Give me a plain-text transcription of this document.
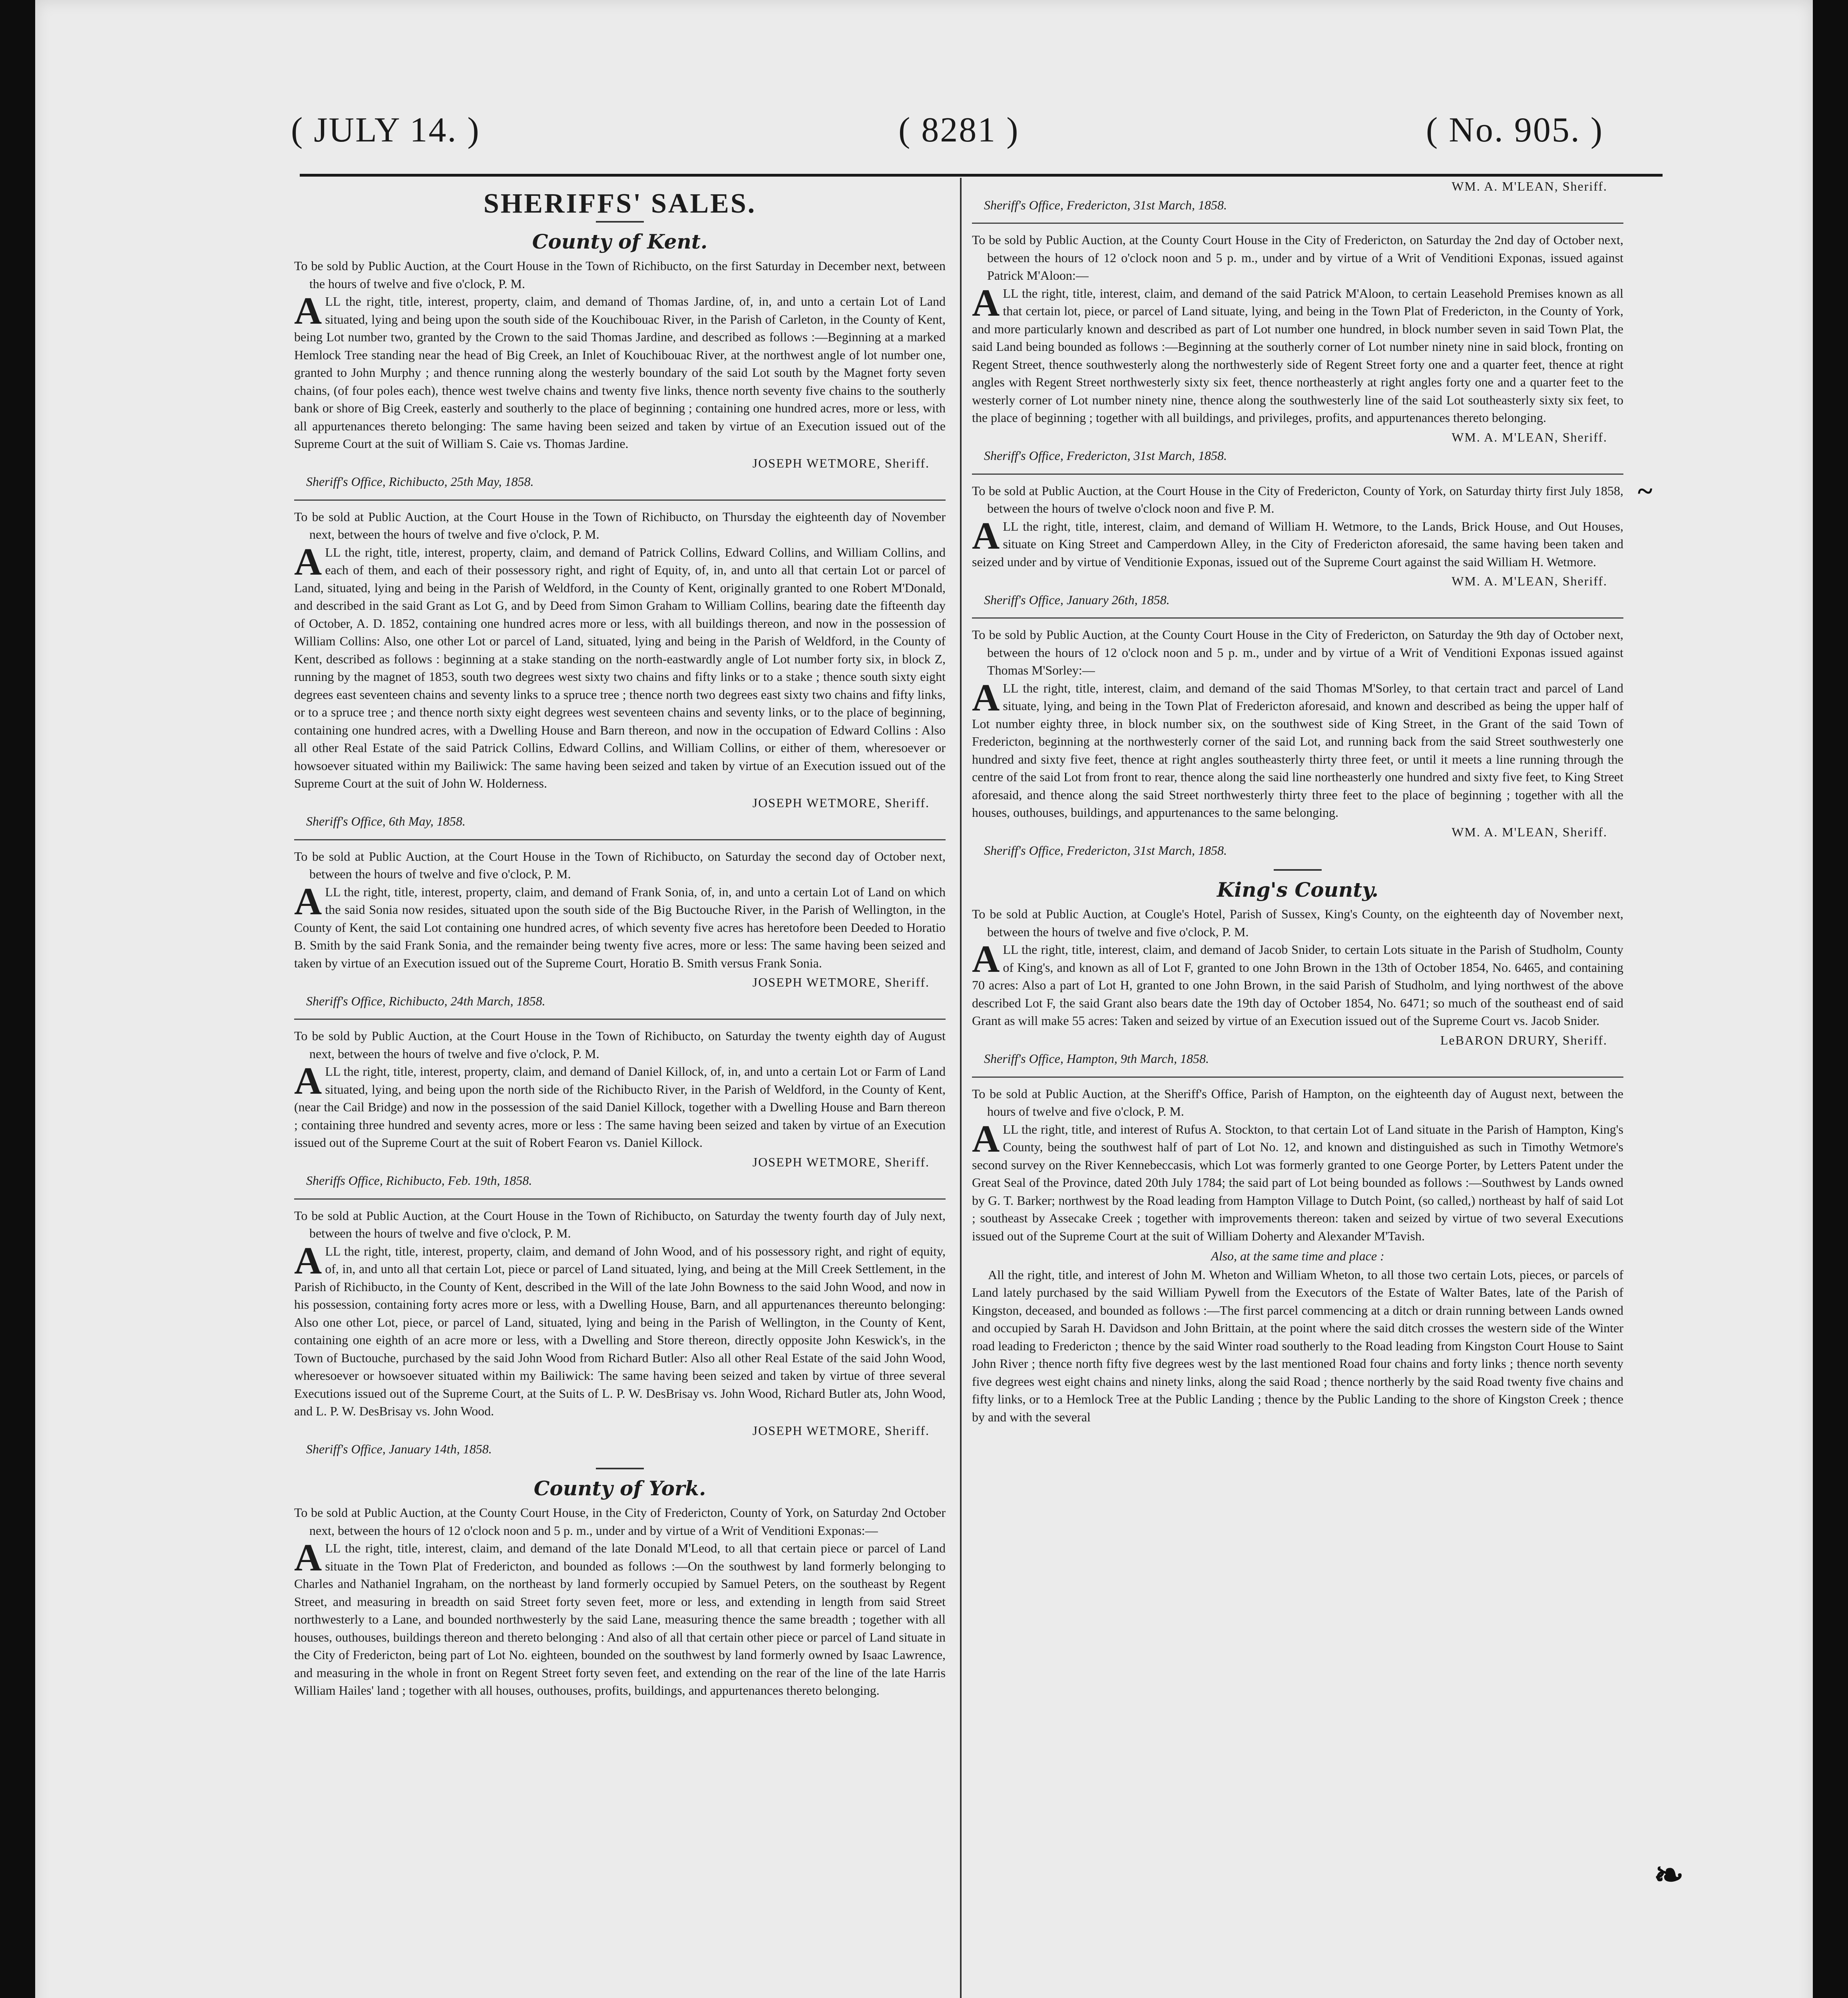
( JULY 14. )	( 8281 )	( No. 905. )
SHERIFFS' SALES.
County of Kent.

To be sold by Public Auction, at the Court House in the Town of Richibucto, on the first Saturday in December next, between the hours of twelve and five o'clock, P. M.

ALL the right, title, interest, property, claim, and demand of Thomas Jardine, of, in, and unto a certain Lot of Land situated, lying and being upon the south side of the Kouchibouac River, in the Parish of Carleton, in the County of Kent, being Lot number two, granted by the Crown to the said Thomas Jardine, and described as follows :—Beginning at a marked Hemlock Tree standing near the head of Big Creek, an Inlet of Kouchibouac River, at the northwest angle of lot number one, granted to John Murphy ; and thence running along the westerly boundary of the said Lot south by the Magnet forty seven chains, (of four poles each), thence west twelve chains and twenty five links, thence north seventy five chains to the southerly bank or shore of Big Creek, easterly and southerly to the place of beginning ; containing one hundred acres, more or less, with all appurtenances thereto belonging: The same having been seized and taken by virtue of an Execution issued out of the Supreme Court at the suit of William S. Caie vs. Thomas Jardine.

JOSEPH WETMORE, Sheriff.
Sheriff's Office, Richibucto, 25th May, 1858.

To be sold at Public Auction, at the Court House in the Town of Richibucto, on Thursday the eighteenth day of November next, between the hours of twelve and five o'clock, P. M.

ALL the right, title, interest, property, claim, and demand of Patrick Collins, Edward Collins, and William Collins, and each of them, and each of their possessory right, and right of Equity, of, in, and unto all that certain Lot or parcel of Land, situated, lying and being in the Parish of Weldford, in the County of Kent, originally granted to one Robert M'Donald, and described in the said Grant as Lot G, and by Deed from Simon Graham to William Collins, bearing date the fifteenth day of October, A. D. 1852, containing one hundred acres more or less, with all buildings thereon, and now in the possession of William Collins: Also, one other Lot or parcel of Land, situated, lying and being in the Parish of Weldford, in the County of Kent, described as follows : beginning at a stake standing on the north-eastwardly angle of Lot number forty six, in block Z, running by the magnet of 1853, south two degrees west sixty two chains and fifty links or to a stake ; thence south sixty eight degrees east seventeen chains and seventy links to a spruce tree ; thence north two degrees east sixty two chains and fifty links, or to a spruce tree ; and thence north sixty eight degrees west seventeen chains and seventy links, or to the place of beginning, containing one hundred acres, with a Dwelling House and Barn thereon, and now in the occupation of Edward Collins : Also all other Real Estate of the said Patrick Collins, Edward Collins, and William Collins, or either of them, wheresoever or howsoever situated within my Bailiwick: The same having been seized and taken by virtue of an Execution issued out of the Supreme Court at the suit of John W. Holderness.

JOSEPH WETMORE, Sheriff.
Sheriff's Office, 6th May, 1858.

To be sold at Public Auction, at the Court House in the Town of Richibucto, on Saturday the second day of October next, between the hours of twelve and five o'clock, P. M.

ALL the right, title, interest, property, claim, and demand of Frank Sonia, of, in, and unto a certain Lot of Land on which the said Sonia now resides, situated upon the south side of the Big Buctouche River, in the Parish of Wellington, in the County of Kent, the said Lot containing one hundred acres, of which seventy five acres has heretofore been Deeded to Horatio B. Smith by the said Frank Sonia, and the remainder being twenty five acres, more or less: The same having been seized and taken by virtue of an Execution issued out of the Supreme Court, Horatio B. Smith versus Frank Sonia.

JOSEPH WETMORE, Sheriff.
Sheriff's Office, Richibucto, 24th March, 1858.

To be sold by Public Auction, at the Court House in the Town of Richibucto, on Saturday the twenty eighth day of August next, between the hours of twelve and five o'clock, P. M.

ALL the right, title, interest, property, claim, and demand of Daniel Killock, of, in, and unto a certain Lot or Farm of Land situated, lying, and being upon the north side of the Richibucto River, in the Parish of Weldford, in the County of Kent, (near the Cail Bridge) and now in the possession of the said Daniel Killock, together with a Dwelling House and Barn thereon ; containing three hundred and seventy acres, more or less : The same having been seized and taken by virtue of an Execution issued out of the Supreme Court at the suit of Robert Fearon vs. Daniel Killock.

JOSEPH WETMORE, Sheriff.
Sheriffs Office, Richibucto, Feb. 19th, 1858.

To be sold at Public Auction, at the Court House in the Town of Richibucto, on Saturday the twenty fourth day of July next, between the hours of twelve and five o'clock, P. M.

ALL the right, title, interest, property, claim, and demand of John Wood, and of his possessory right, and right of equity, of, in, and unto all that certain Lot, piece or parcel of Land situated, lying, and being at the Mill Creek Settlement, in the Parish of Richibucto, in the County of Kent, described in the Will of the late John Bowness to the said John Wood, and now in his possession, containing forty acres more or less, with a Dwelling House, Barn, and all appurtenances thereunto belonging: Also one other Lot, piece, or parcel of Land, situated, lying and being in the Parish of Wellington, in the County of Kent, containing one eighth of an acre more or less, with a Dwelling and Store thereon, directly opposite John Keswick's, in the Town of Buctouche, purchased by the said John Wood from Richard Butler: Also all other Real Estate of the said John Wood, wheresoever or howsoever situated within my Bailiwick: The same having been seized and taken by virtue of three several Executions issued out of the Supreme Court, at the Suits of L. P. W. DesBrisay vs. John Wood, Richard Butler ats, John Wood, and L. P. W. DesBrisay vs. John Wood.

JOSEPH WETMORE, Sheriff.
Sheriff's Office, January 14th, 1858.
County of York.

To be sold at Public Auction, at the County Court House, in the City of Fredericton, County of York, on Saturday 2nd October next, between the hours of 12 o'clock noon and 5 p. m., under and by virtue of a Writ of Venditioni Exponas:—

ALL the right, title, interest, claim, and demand of the late Donald M'Leod, to all that certain piece or parcel of Land situate in the Town Plat of Fredericton, and bounded as follows :—On the southwest by land formerly belonging to Charles and Nathaniel Ingraham, on the northeast by land formerly occupied by Samuel Peters, on the southeast by Regent Street, and measuring in breadth on said Street forty seven feet, more or less, and extending in length from said Street northwesterly to a Lane, and bounded northwesterly by the said Lane, measuring thence the same breadth ; together with all houses, outhouses, buildings thereon and thereto belonging : And also of all that certain other piece or parcel of Land situate in the City of Fredericton, being part of Lot No. eighteen, bounded on the southwest by land formerly owned by Isaac Lawrence, and measuring in the whole in front on Regent Street forty seven feet, and extending on the rear of the line of the late Harris William Hailes' land ; together with all houses, outhouses, profits, buildings, and appurtenances thereto belonging.

WM. A. M'LEAN, Sheriff.
Sheriff's Office, Fredericton, 31st March, 1858.

To be sold by Public Auction, at the County Court House in the City of Fredericton, on Saturday the 2nd day of October next, between the hours of 12 o'clock noon and 5 p. m., under and by virtue of a Writ of Venditioni Exponas, issued against Patrick M'Aloon:—

ALL the right, title, interest, claim, and demand of the said Patrick M'Aloon, to certain Leasehold Premises known as all that certain lot, piece, or parcel of Land situate, lying, and being in the Town Plat of Fredericton, in the County of York, and more particularly known and described as part of Lot number one hundred, in block number seven in said Town Plat, the said Land being bounded as follows :—Beginning at the southerly corner of Lot number ninety nine in said block, fronting on Regent Street, thence southwesterly along the northwesterly side of Regent Street forty one and a quarter feet, thence at right angles with Regent Street northwesterly sixty six feet, thence northeasterly at right angles forty one and a quarter feet to the westerly corner of Lot number ninety nine, thence along the southwesterly line of the said Lot southeasterly sixty six feet, to the place of beginning ; together with all buildings, and privileges, profits, and appurtenances thereto belonging.

WM. A. M'LEAN, Sheriff.
Sheriff's Office, Fredericton, 31st March, 1858.

To be sold at Public Auction, at the Court House in the City of Fredericton, County of York, on Saturday thirty first July 1858, between the hours of twelve o'clock noon and five P. M.

ALL the right, title, interest, claim, and demand of William H. Wetmore, to the Lands, Brick House, and Out Houses, situate on King Street and Camperdown Alley, in the City of Fredericton aforesaid, the same having been taken and seized under and by virtue of Venditionie Exponas, issued out of the Supreme Court against the said William H. Wetmore.

WM. A. M'LEAN, Sheriff.
Sheriff's Office, January 26th, 1858.

To be sold by Public Auction, at the County Court House in the City of Fredericton, on Saturday the 9th day of October next, between the hours of 12 o'clock noon and 5 p. m., under and by virtue of a Writ of Venditioni Exponas issued against Thomas M'Sorley:—

ALL the right, title, interest, claim, and demand of the said Thomas M'Sorley, to that certain tract and parcel of Land situate, lying, and being in the Town Plat of Fredericton aforesaid, and known and described as being the upper half of Lot number eighty three, in block number six, on the southwest side of King Street, in the Grant of the said Town of Fredericton, beginning at the northwesterly corner of the said Lot, and running back from the said Street southwesterly one hundred and sixty five feet, thence at right angles southeasterly thirty three feet, or until it meets a line running through the centre of the said Lot from front to rear, thence along the said line northeasterly one hundred and sixty five feet, to King Street aforesaid, and thence along the said Street northwesterly thirty three feet to the place of beginning ; together with all the houses, outhouses, buildings, and appurtenances to the same belonging.

WM. A. M'LEAN, Sheriff.
Sheriff's Office, Fredericton, 31st March, 1858.
King's County.

To be sold at Public Auction, at Cougle's Hotel, Parish of Sussex, King's County, on the eighteenth day of November next, between the hours of twelve and five o'clock, P. M.

ALL the right, title, interest, claim, and demand of Jacob Snider, to certain Lots situate in the Parish of Studholm, County of King's, and known as all of Lot F, granted to one John Brown in the 13th of October 1854, No. 6465, and containing 70 acres: Also a part of Lot H, granted to one John Brown, in the said Parish of Studholm, and lying northwest of the above described Lot F, the said Grant also bears date the 19th day of October 1854, No. 6471; so much of the southeast end of said Grant as will make 55 acres: Taken and seized by virtue of an Execution issued out of the Supreme Court vs. Jacob Snider.

LeBARON DRURY, Sheriff.
Sheriff's Office, Hampton, 9th March, 1858.

To be sold at Public Auction, at the Sheriff's Office, Parish of Hampton, on the eighteenth day of August next, between the hours of twelve and five o'clock, P. M.

ALL the right, title, and interest of Rufus A. Stockton, to that certain Lot of Land situate in the Parish of Hampton, King's County, being the southwest half of part of Lot No. 12, and known and distinguished as such in Timothy Wetmore's second survey on the River Kennebeccasis, which Lot was formerly granted to one George Porter, by Letters Patent under the Great Seal of the Province, dated 20th July 1784; the said part of Lot being bounded as follows :—Southwest by Lands owned by G. T. Barker; northwest by the Road leading from Hampton Village to Dutch Point, (so called,) northeast by half of said Lot ; southeast by Assecake Creek ; together with improvements thereon: taken and seized by virtue of two several Executions issued out of the Supreme Court at the suit of William Doherty and Alexander M'Tavish.

Also, at the same time and place :

All the right, title, and interest of John M. Wheton and William Wheton, to all those two certain Lots, pieces, or parcels of Land lately purchased by the said William Pywell from the Executors of the Estate of Walter Bates, late of the Parish of Kingston, deceased, and bounded as follows :—The first parcel commencing at a ditch or drain running between Lands owned and occupied by Sarah H. Davidson and John Brittain, at the point where the said ditch crosses the western side of the Winter road leading to Fredericton ; thence by the said Winter road southerly to the Road leading from Kingston Court House to Saint John River ; thence north fifty five degrees west by the last mentioned Road four chains and forty links ; thence north seventy five degrees west eight chains and ninety links, along the said Road ; thence northerly by the said Road twenty five chains and fifty links, or to a Hemlock Tree at the Public Landing ; thence by the Public Landing to the shore of Kingston Creek ; thence by and with the several

~
❧
